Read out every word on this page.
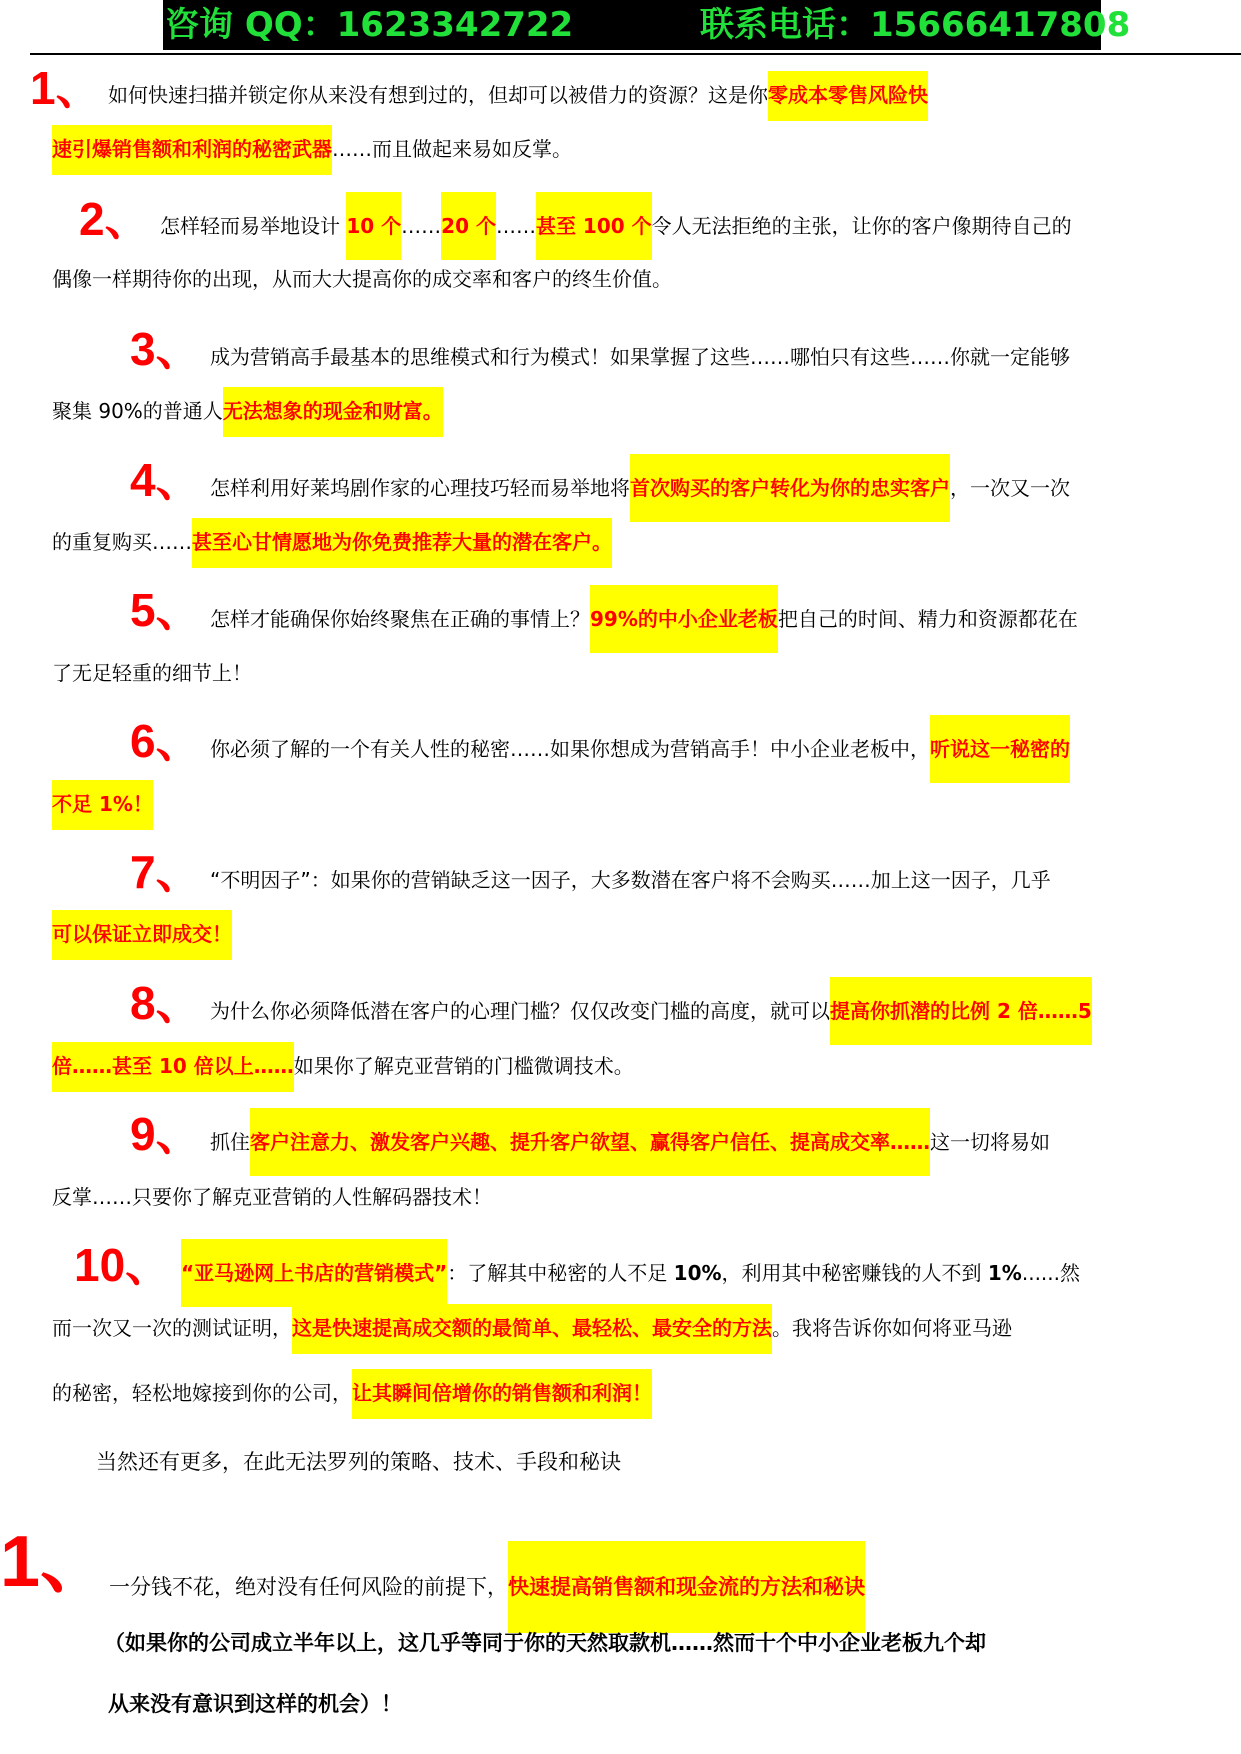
咨询 QQ：1623342722	联系电话：15666417808
1、 如何快速扫描并锁定你从来没有想到过的，但却可以被借力的资源？这是你零成本零售风险快
速引爆销售额和利润的秘密武器……而且做起来易如反掌。
2、 怎样轻而易举地设计 10 个……20 个……甚至 100 个令人无法拒绝的主张，让你的客户像期待自己的
偶像一样期待你的出现，从而大大提高你的成交率和客户的终生价值。
3、 成为营销高手最基本的思维模式和行为模式！如果掌握了这些……哪怕只有这些……你就一定能够
聚集 90%的普通人无法想象的现金和财富。
4、 怎样利用好莱坞剧作家的心理技巧轻而易举地将首次购买的客户转化为你的忠实客户，一次又一次
的重复购买……甚至心甘情愿地为你免费推荐大量的潜在客户。
5、 怎样才能确保你始终聚焦在正确的事情上？99%的中小企业老板把自己的时间、精力和资源都花在
了无足轻重的细节上！
6、 你必须了解的一个有关人性的秘密……如果你想成为营销高手！中小企业老板中，听说这一秘密的
不足 1%！
7、 “不明因子”：如果你的营销缺乏这一因子，大多数潜在客户将不会购买……加上这一因子，几乎
可以保证立即成交！
8、 为什么你必须降低潜在客户的心理门槛？仅仅改变门槛的高度，就可以提高你抓潜的比例 2 倍……5
倍……甚至 10 倍以上……如果你了解克亚营销的门槛微调技术。
9、 抓住客户注意力、激发客户兴趣、提升客户欲望、赢得客户信任、提高成交率……这一切将易如
反掌……只要你了解克亚营销的人性解码器技术！
10、 “亚马逊网上书店的营销模式”：了解其中秘密的人不足 10%，利用其中秘密赚钱的人不到 1%......然
而一次又一次的测试证明，这是快速提高成交额的最简单、最轻松、最安全的方法。我将告诉你如何将亚马逊
的秘密，轻松地嫁接到你的公司，让其瞬间倍增你的销售额和利润！
当然还有更多，在此无法罗列的策略、技术、手段和秘诀
1、
一分钱不花，绝对没有任何风险的前提下，快速提高销售额和现金流的方法和秘诀
（如果你的公司成立半年以上，这几乎等同于你的天然取款机……然而十个中小企业老板九个却
从来没有意识到这样的机会）！
